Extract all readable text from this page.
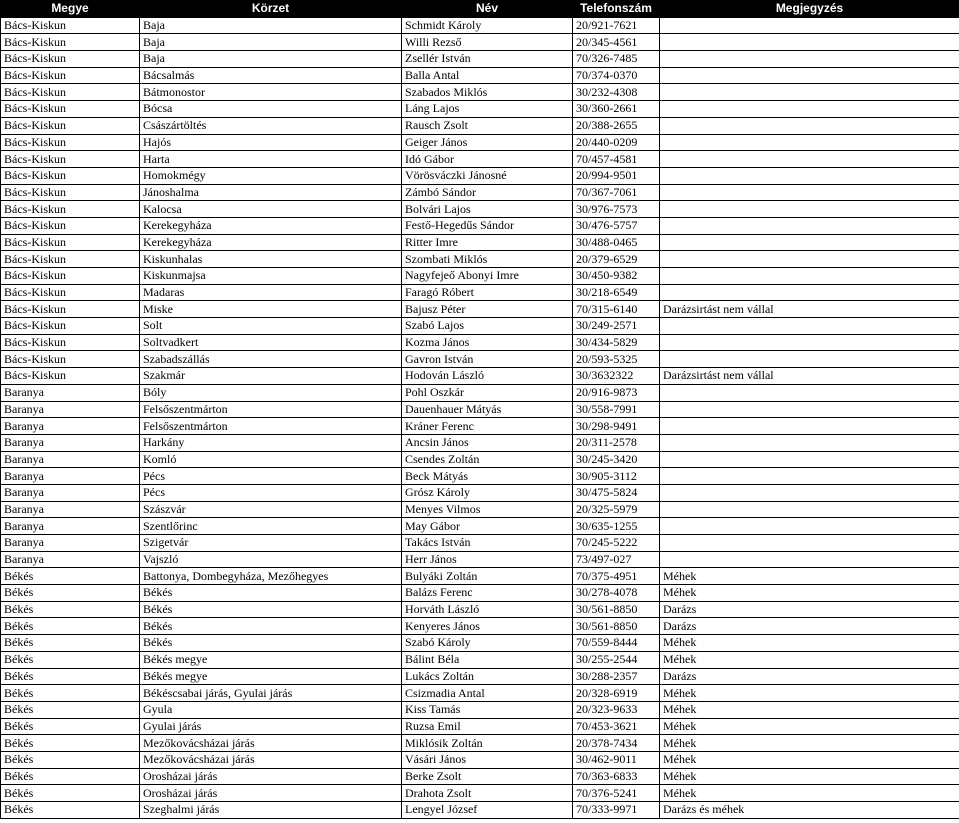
Megye	Körzet	Név	Telefonszám	Megjegyzés
Bács-Kiskun	Baja	Schmidt Károly	20/921-7621	
Bács-Kiskun	Baja	Willi Rezső	20/345-4561	
Bács-Kiskun	Baja	Zsellér István	70/326-7485	
Bács-Kiskun	Bácsalmás	Balla Antal	70/374-0370	
Bács-Kiskun	Bátmonostor	Szabados Miklós	30/232-4308	
Bács-Kiskun	Bócsa	Láng Lajos	30/360-2661	
Bács-Kiskun	Császártöltés	Rausch Zsolt	20/388-2655	
Bács-Kiskun	Hajós	Geiger János	20/440-0209	
Bács-Kiskun	Harta	Idó Gábor	70/457-4581	
Bács-Kiskun	Homokmégy	Vörösváczki Jánosné	20/994-9501	
Bács-Kiskun	Jánoshalma	Zámbó Sándor	70/367-7061	
Bács-Kiskun	Kalocsa	Bolvári Lajos	30/976-7573	
Bács-Kiskun	Kerekegyháza	Festő-Hegedűs Sándor	30/476-5757	
Bács-Kiskun	Kerekegyháza	Ritter Imre	30/488-0465	
Bács-Kiskun	Kiskunhalas	Szombati Miklós	20/379-6529	
Bács-Kiskun	Kiskunmajsa	Nagyfejeő Abonyi Imre	30/450-9382	
Bács-Kiskun	Madaras	Faragó Róbert	30/218-6549	
Bács-Kiskun	Miske	Bajusz Péter	70/315-6140	Darázsirtást nem vállal
Bács-Kiskun	Solt	Szabó Lajos	30/249-2571	
Bács-Kiskun	Soltvadkert	Kozma János	30/434-5829	
Bács-Kiskun	Szabadszállás	Gavron István	20/593-5325	
Bács-Kiskun	Szakmár	Hodován László	30/3632322	Darázsirtást nem vállal
Baranya	Bóly	Pohl Oszkár	20/916-9873	
Baranya	Felsőszentmárton	Dauenhauer Mátyás	30/558-7991	
Baranya	Felsőszentmárton	Kráner Ferenc	30/298-9491	
Baranya	Harkány	Ancsin János	20/311-2578	
Baranya	Komló	Csendes Zoltán	30/245-3420	
Baranya	Pécs	Beck Mátyás	30/905-3112	
Baranya	Pécs	Grósz Károly	30/475-5824	
Baranya	Szászvár	Menyes Vilmos	20/325-5979	
Baranya	Szentlőrinc	May Gábor	30/635-1255	
Baranya	Szigetvár	Takács István	70/245-5222	
Baranya	Vajszló	Herr János	73/497-027	
Békés	Battonya, Dombegyháza, Mezőhegyes	Bulyáki Zoltán	70/375-4951	Méhek
Békés	Békés	Balázs Ferenc	30/278-4078	Méhek
Békés	Békés	Horváth László	30/561-8850	Darázs
Békés	Békés	Kenyeres János	30/561-8850	Darázs
Békés	Békés	Szabó Károly	70/559-8444	Méhek
Békés	Békés megye	Bálint Béla	30/255-2544	Méhek
Békés	Békés megye	Lukács Zoltán	30/288-2357	Darázs
Békés	Békéscsabai járás, Gyulai járás	Csizmadia Antal	20/328-6919	Méhek
Békés	Gyula	Kiss Tamás	20/323-9633	Méhek
Békés	Gyulai járás	Ruzsa Emil	70/453-3621	Méhek
Békés	Mezőkovácsházai járás	Miklósik Zoltán	20/378-7434	Méhek
Békés	Mezőkovácsházai járás	Vásári János	30/462-9011	Méhek
Békés	Orosházai járás	Berke Zsolt	70/363-6833	Méhek
Békés	Orosházai járás	Drahota Zsolt	70/376-5241	Méhek
Békés	Szeghalmi járás	Lengyel József	70/333-9971	Darázs és méhek
